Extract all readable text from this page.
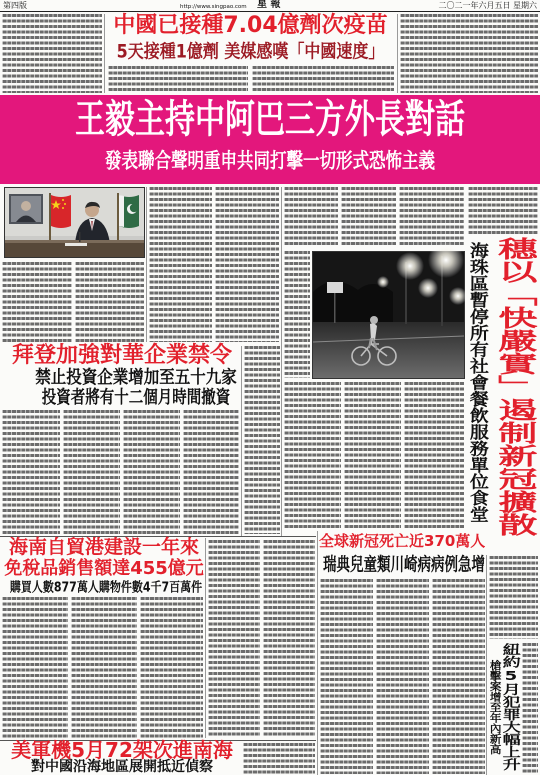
第四版	http://www.singpao.com 星 報	二〇二一年六月五日 星期六
中國已接種7.04億劑次疫苗
5天接種1億劑 美媒感嘆「中國速度」
王毅主持中阿巴三方外長對話
發表聯合聲明重申共同打擊一切形式恐怖主義
穗以「快嚴實」遏制新冠擴散
海珠區暫停所有社會餐飲服務單位食堂
拜登加強對華企業禁令
禁止投資企業增加至五十九家
投資者將有十二個月時間撤資
海南自貿港建設一年來
免稅品銷售額達455億元
購買人數877萬人購物件數4千7百萬件
美軍機5月72架次進南海
對中國沿海地區展開抵近偵察
全球新冠死亡近370萬人
瑞典兒童類川崎病病例急增
紐約5月犯罪大幅上升
槍擊案增至年內新高
